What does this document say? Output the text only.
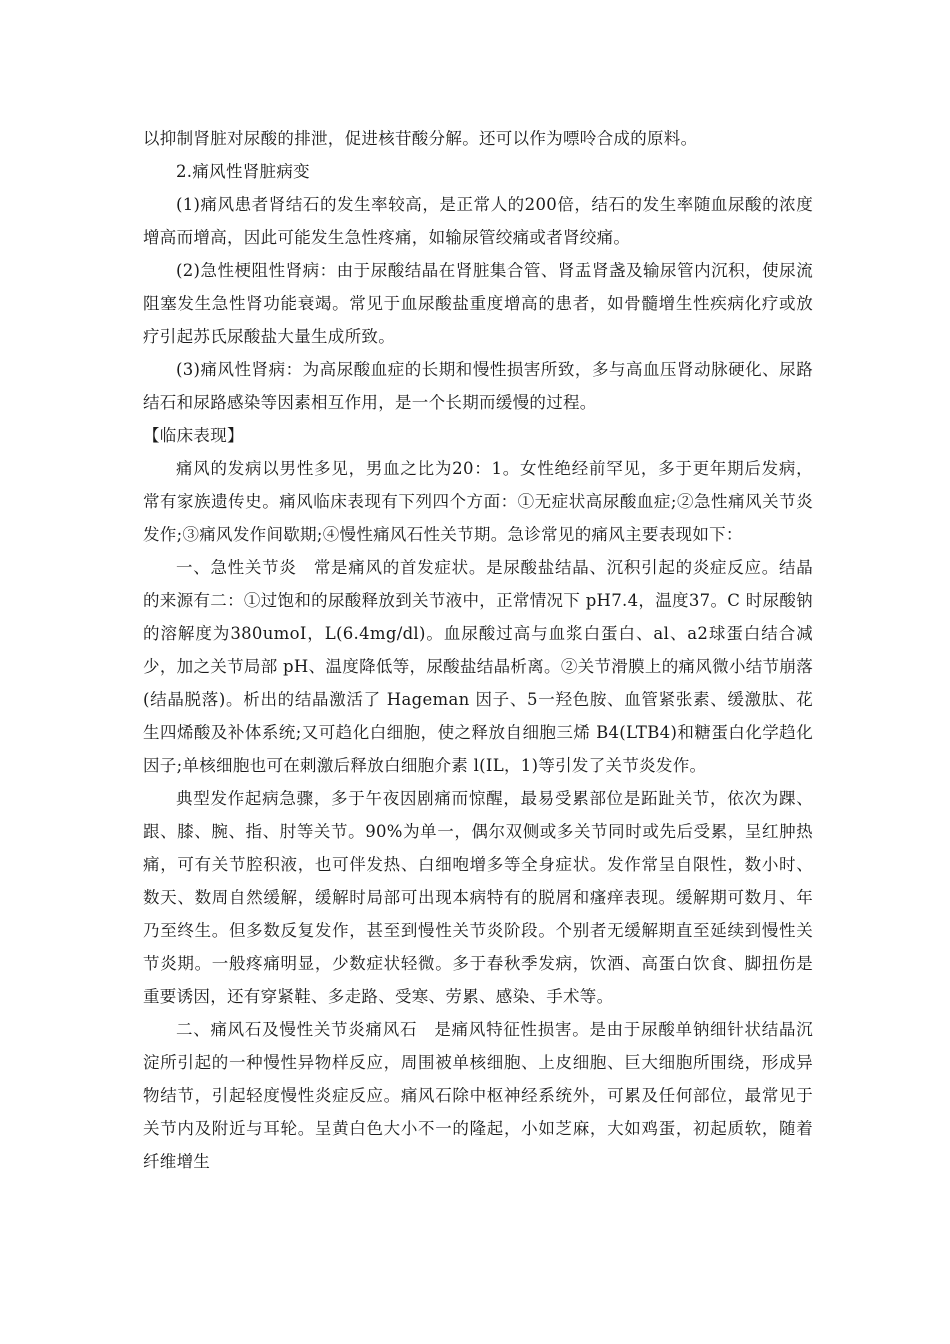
以抑制肾脏对尿酸的排泄，促进核苷酸分解。还可以作为嘌呤合成的原料。

2.痛风性肾脏病变

(1)痛风患者肾结石的发生率较高，是正常人的200倍，结石的发生率随血尿酸的浓度增高而增高，因此可能发生急性疼痛，如输尿管绞痛或者肾绞痛。

(2)急性梗阻性肾病：由于尿酸结晶在肾脏集合管、肾盂肾盏及输尿管内沉积，使尿流阻塞发生急性肾功能衰竭。常见于血尿酸盐重度增高的患者，如骨髓增生性疾病化疗或放疗引起苏氏尿酸盐大量生成所致。

(3)痛风性肾病：为高尿酸血症的长期和慢性损害所致，多与高血压肾动脉硬化、尿路结石和尿路感染等因素相互作用，是一个长期而缓慢的过程。

【临床表现】

痛风的发病以男性多见，男血之比为20：1。女性绝经前罕见，多于更年期后发病，常有家族遗传史。痛风临床表现有下列四个方面：①无症状高尿酸血症;②急性痛风关节炎发作;③痛风发作间歇期;④慢性痛风石性关节期。急诊常见的痛风主要表现如下：

一、急性关节炎　常是痛风的首发症状。是尿酸盐结晶、沉积引起的炎症反应。结晶的来源有二：①过饱和的尿酸释放到关节液中，正常情况下 pH7.4，温度37。C 时尿酸钠的溶解度为380umoI，L(6.4mg/dl)。血尿酸过高与血浆白蛋白、al、a2球蛋白结合减少，加之关节局部 pH、温度降低等，尿酸盐结晶析离。②关节滑膜上的痛风微小结节崩落(结晶脱落)。析出的结晶激活了 Hageman 因子、5一羟色胺、血管紧张素、缓激肽、花生四烯酸及补体系统;又可趋化白细胞，使之释放自细胞三烯 B4(LTB4)和糖蛋白化学趋化因子;单核细胞也可在刺激后释放白细胞介素 l(IL，1)等引发了关节炎发作。

典型发作起病急骤，多于午夜因剧痛而惊醒，最易受累部位是跖趾关节，依次为踝、跟、膝、腕、指、肘等关节。90%为单一，偶尔双侧或多关节同时或先后受累，呈红肿热痛，可有关节腔积液，也可伴发热、白细咆增多等全身症状。发作常呈自限性，数小时、数天、数周自然缓解，缓解时局部可出现本病特有的脱屑和瘙痒表现。缓解期可数月、年乃至终生。但多数反复发作，甚至到慢性关节炎阶段。个别者无缓解期直至延续到慢性关节炎期。一般疼痛明显，少数症状轻微。多于春秋季发病，饮酒、高蛋白饮食、脚扭伤是重要诱因，还有穿紧鞋、多走路、受寒、劳累、感染、手术等。

二、痛风石及慢性关节炎痛风石　是痛风特征性损害。是由于尿酸单钠细针状结晶沉淀所引起的一种慢性异物样反应，周围被单核细胞、上皮细胞、巨大细胞所围绕，形成异物结节，引起轻度慢性炎症反应。痛风石除中枢神经系统外，可累及任何部位，最常见于关节内及附近与耳轮。呈黄白色大小不一的隆起，小如芝麻，大如鸡蛋，初起质软，随着纤维增生
